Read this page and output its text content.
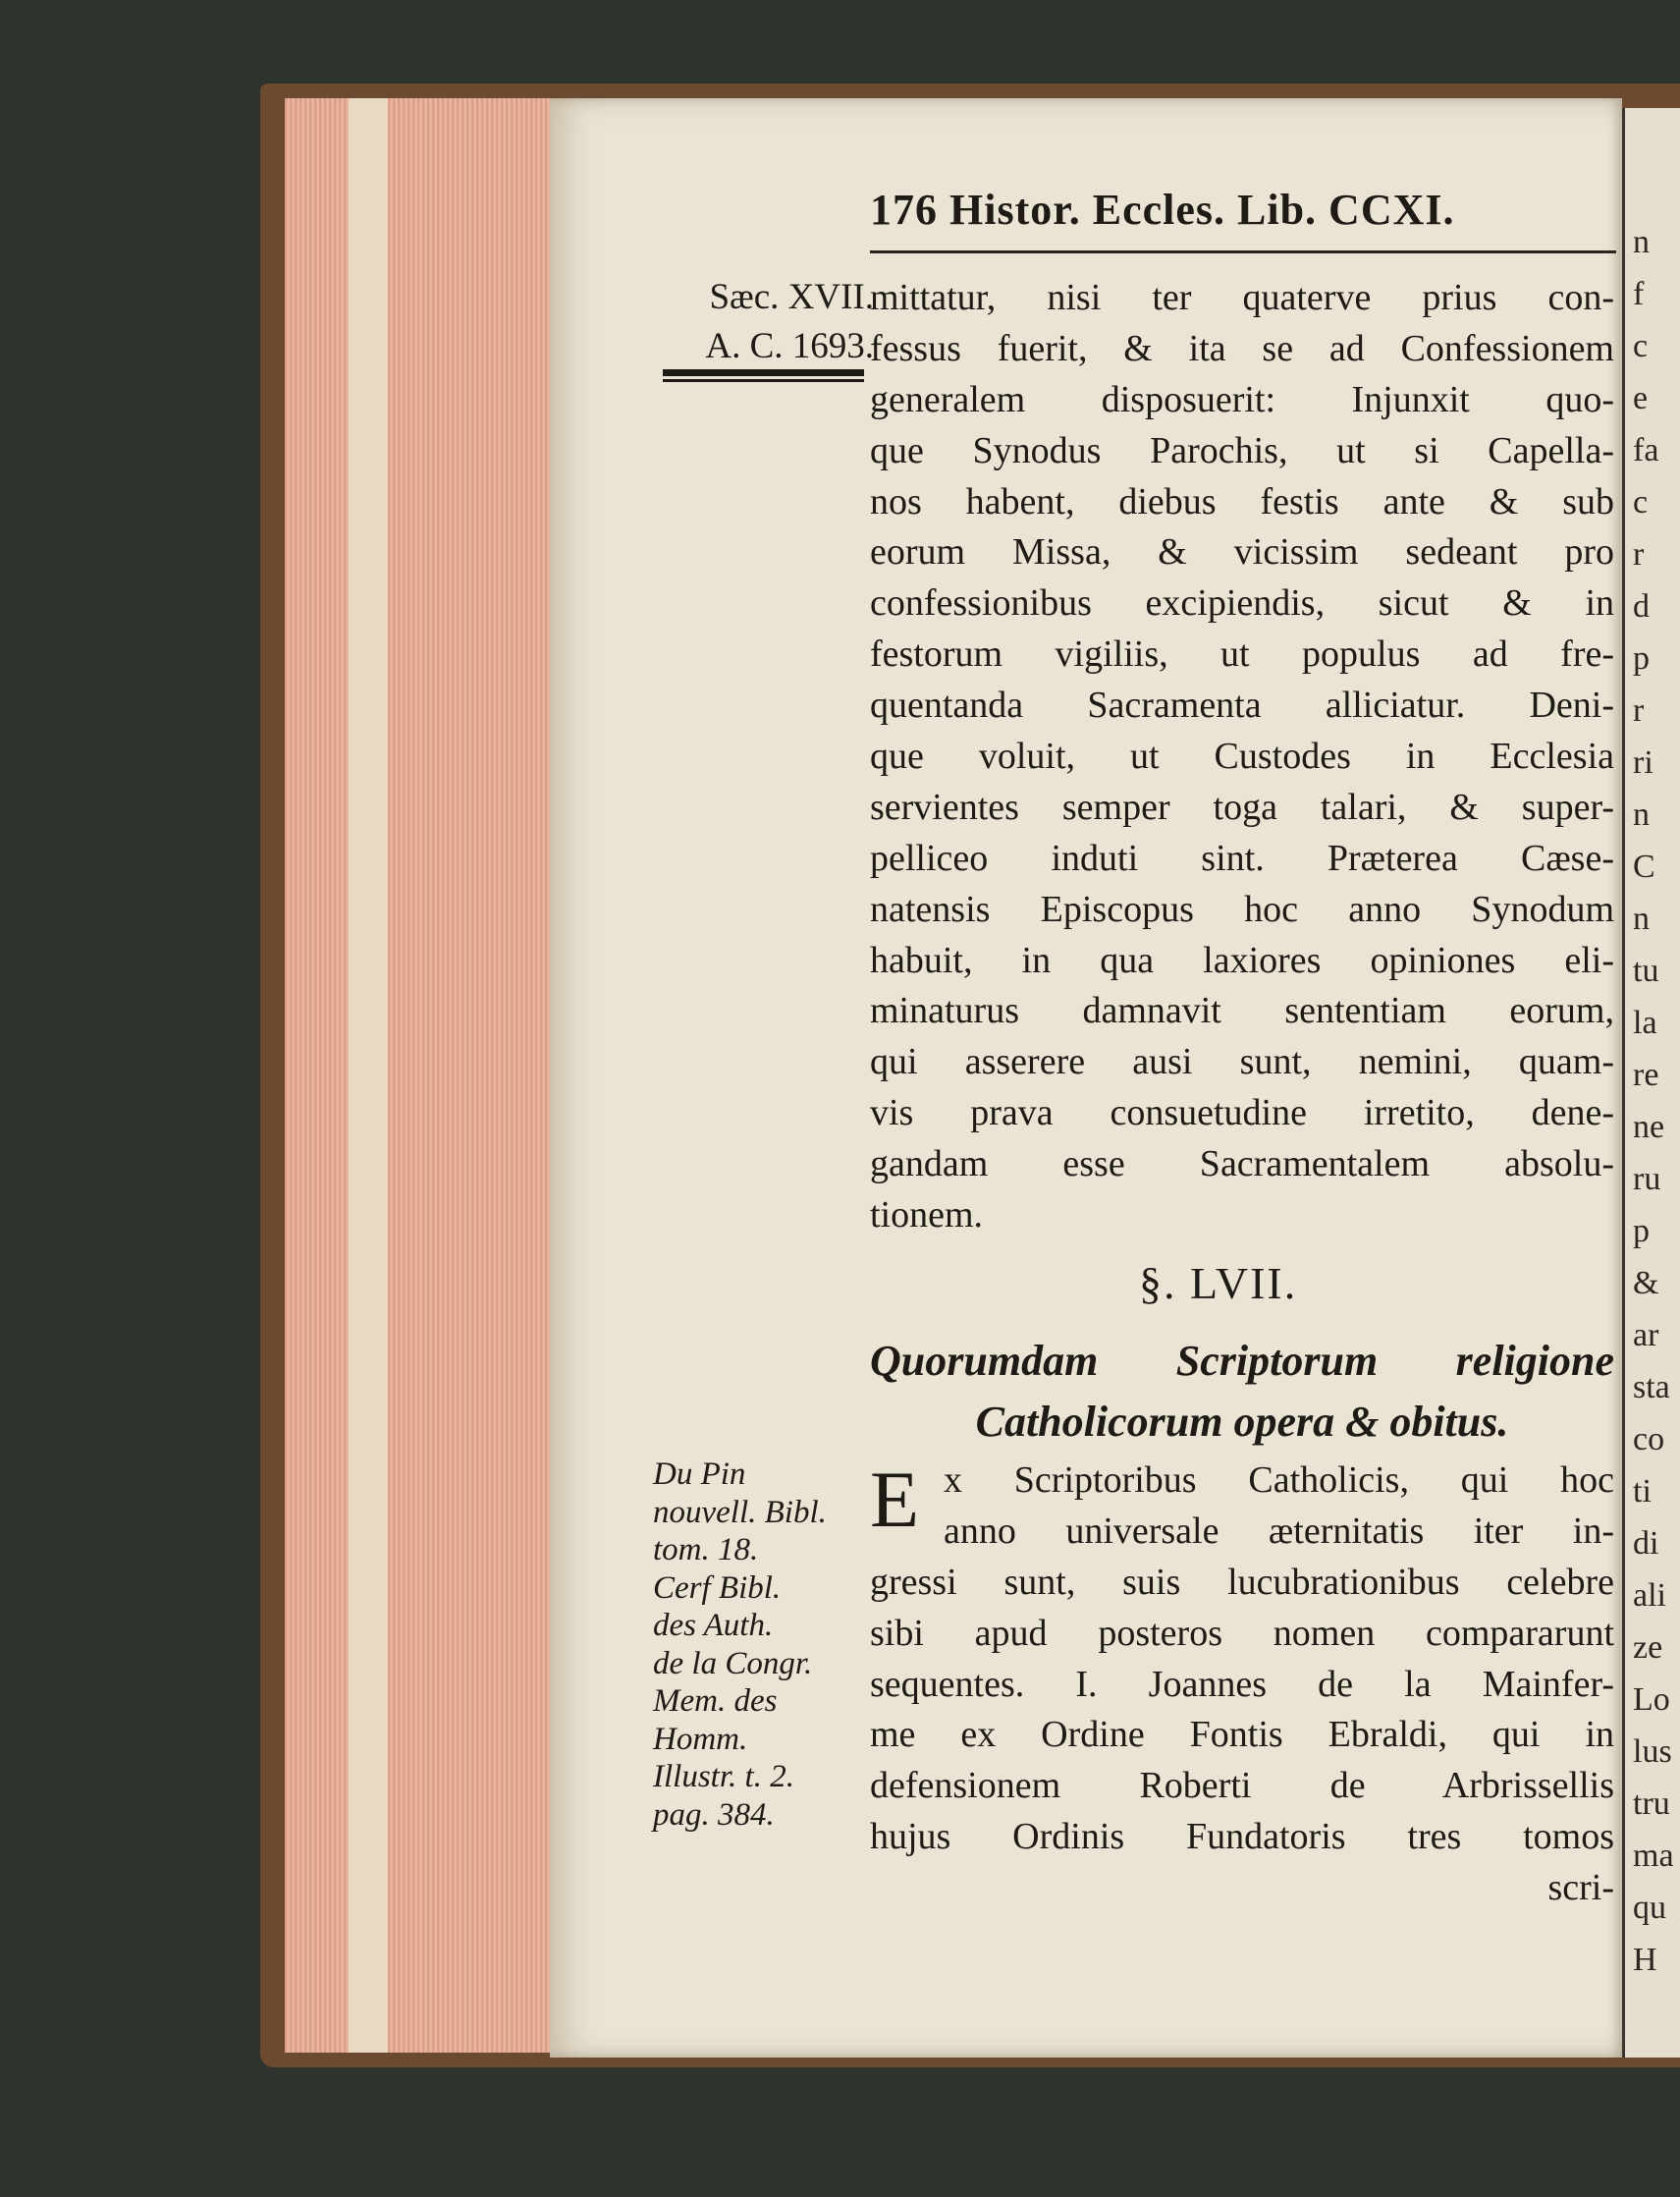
n
f
c
e
fa
c
r
d
p
r
ri
n
C
n
tu
la
re
ne
ru
p
&
ar
sta
co
ti
di
ali
ze
Lo
lus
tru
ma
qu
H
176 Histor. Eccles. Lib. CCXI.
Sæc. XVII.
A. C. 1693.
mittatur, nisi ter quaterve prius con-
fessus fuerit, & ita se ad Confessionem
generalem disposuerit: Injunxit quo-
que Synodus Parochis, ut si Capella-
nos habent, diebus festis ante & sub
eorum Missa, & vicissim sedeant pro
confessionibus excipiendis, sicut & in
festorum vigiliis, ut populus ad fre-
quentanda Sacramenta alliciatur. Deni-
que voluit, ut Custodes in Ecclesia
servientes semper toga talari, & super-
pelliceo induti sint. Præterea Cæse-
natensis Episcopus hoc anno Synodum
habuit, in qua laxiores opiniones eli-
minaturus damnavit sententiam eorum,
qui asserere ausi sunt, nemini, quam-
vis prava consuetudine irretito, dene-
gandam esse Sacramentalem absolu-
tionem.
§. LVII.
Quorumdam Scriptorum religione
Catholicorum opera & obitus.
E x Scriptoribus Catholicis, qui hoc
anno universale æternitatis iter in-
gressi sunt, suis lucubrationibus celebre
sibi apud posteros nomen compararunt
sequentes. I. Joannes de la Mainfer-
me ex Ordine Fontis Ebraldi, qui in
defensionem Roberti de Arbrissellis
hujus Ordinis Fundatoris tres tomos
scri-
Du Pin
nouvell. Bibl.
tom. 18.
Cerf Bibl.
des Auth.
de la Congr.
Mem. des
Homm.
Illustr. t. 2.
pag. 384.
